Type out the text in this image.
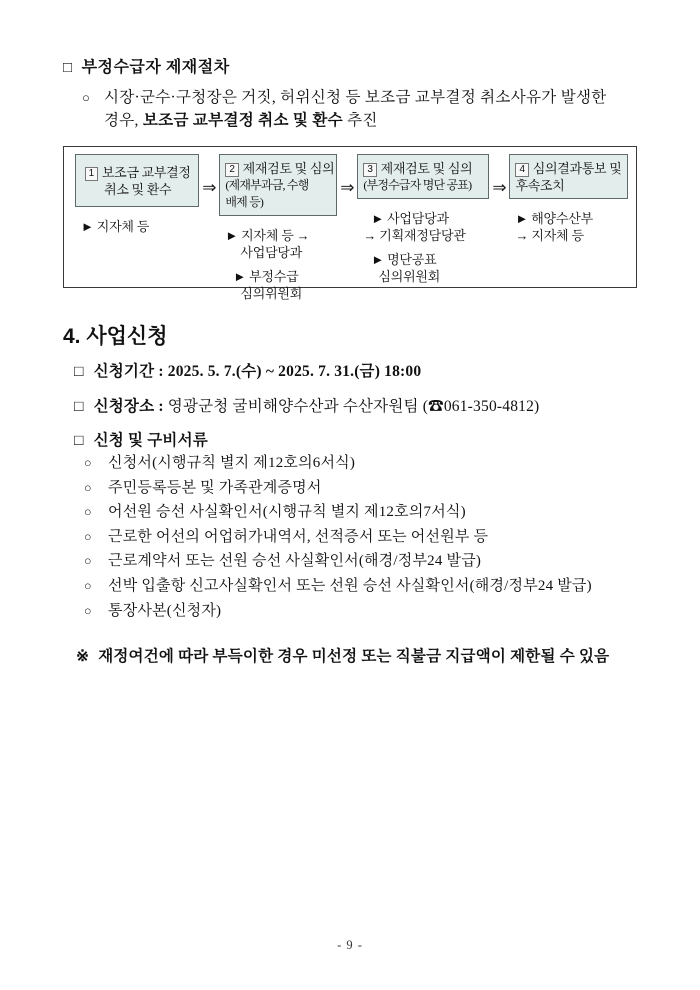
□ 부정수급자 제재절차
○ 시장·군수·구청장은 거짓, 허위신청 등 보조금 교부결정 취소사유가 발생한
경우, 보조금 교부결정 취소 및 환수 추진
1 보조금 교부결정
취소 및 환수
► 지자체 등
⇒
2 제재검토 및 심의
(제재부과금, 수행
배제 등)
► 지자체 등 →
사업담당과
► 부정수급
심의위원회
⇒
3 제재검토 및 심의
(부정수급자 명단 공표)
► 사업담당과
→ 기획재정담당관
► 명단공표
심의위원회
⇒
4 심의결과통보 및
후속조치
► 해양수산부
→ 지자체 등
4. 사업신청
□ 신청기간 : 2025. 5. 7.(수) ~ 2025. 7. 31.(금) 18:00
□ 신청장소 : 영광군청 굴비해양수산과 수산자원팀 (☎061-350-4812)
□ 신청 및 구비서류
○	신청서(시행규칙 별지 제12호의6서식)
○	주민등록등본 및 가족관계증명서
○	어선원 승선 사실확인서(시행규칙 별지 제12호의7서식)
○	근로한 어선의 어업허가내역서, 선적증서 또는 어선원부 등
○	근로계약서 또는 선원 승선 사실확인서(해경/정부24 발급)
○	선박 입출항 신고사실확인서 또는 선원 승선 사실확인서(해경/정부24 발급)
○	통장사본(신청자)
※ 재정여건에 따라 부득이한 경우 미선정 또는 직불금 지급액이 제한될 수 있음
- 9 -
